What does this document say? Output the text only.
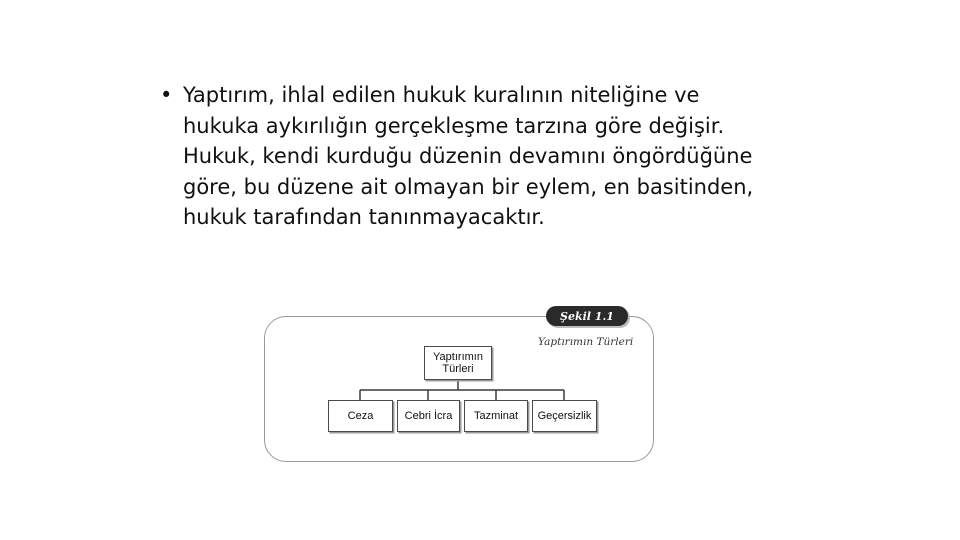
• Yaptırım, ihlal edilen hukuk kuralının niteliğine ve
hukuka aykırılığın gerçekleşme tarzına göre değişir.
Hukuk, kendi kurduğu düzenin devamını öngördüğüne
göre, bu düzene ait olmayan bir eylem, en basitinden,
hukuk tarafından tanınmayacaktır.
Şekil 1.1
Yaptırımın Türleri
Yaptırımın
Türleri
Ceza	Cebri İcra	Tazminat	Geçersizlik
